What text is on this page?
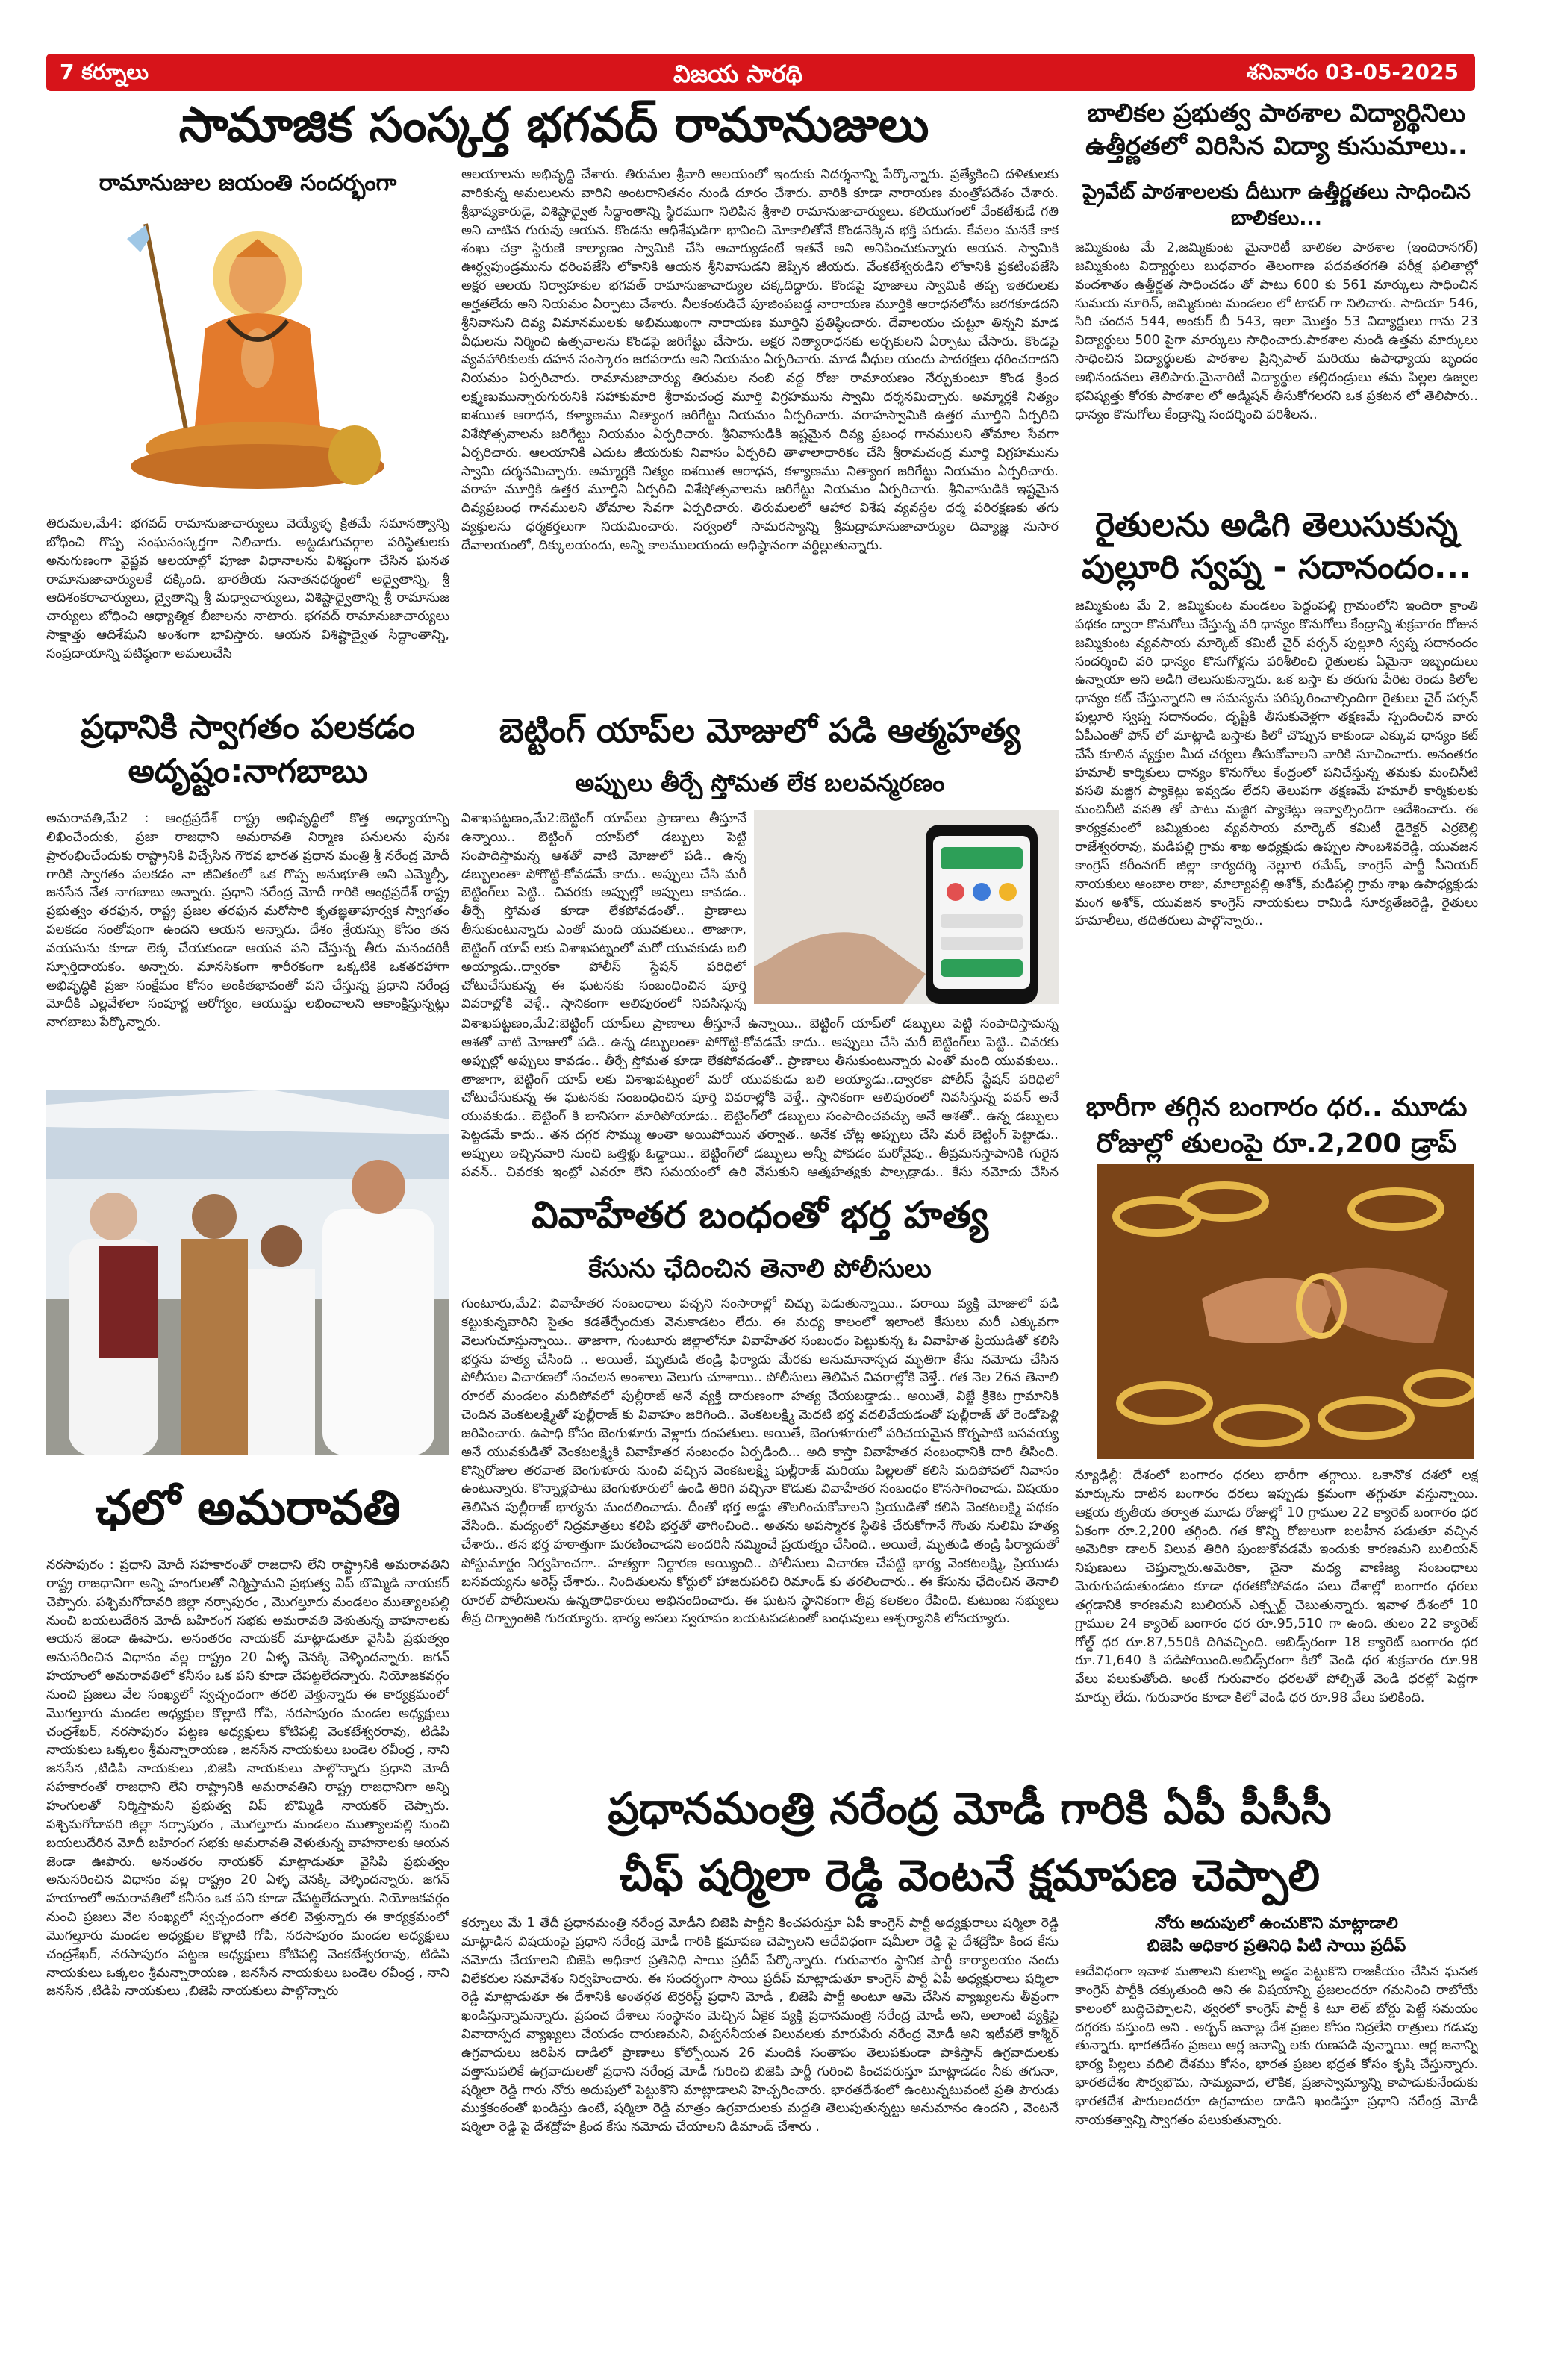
7 కర్నూలు	విజయ సారథి	శనివారం 03-05-2025
సామాజిక సంస్కర్త భగవద్ రామానుజులు
రామానుజుల జయంతి సందర్భంగా

తిరుమల,మే4: భగవద్ రామానుజాచార్యులు వెయ్యేళ్ళ క్రితమే సమానత్వాన్ని బోధించి గొప్ప సంఘసంస్కర్తగా నిలిచారు. అట్టడుగువర్గాల పరిస్థితులకు అనుగుణంగా వైష్ణవ ఆలయాల్లో పూజా విధానాలను విశిష్టంగా చేసిన ఘనత రామానుజాచార్యులకే దక్కింది. భారతీయ సనాతనధర్మంలో అద్వైతాన్ని, శ్రీ ఆదిశంకరాచార్యులు, ద్వైతాన్ని శ్రీ మధ్వాచార్యులు, విశిష్టాద్వైతాన్ని శ్రీ రామానుజ చార్యులు బోధించి ఆధ్యాత్మిక బీజాలను నాటారు. భగవద్ రామానుజాచార్యులు సాక్షాత్తు ఆదిశేషుని అంశంగా భావిస్తారు. ఆయన విశిష్టాద్వైత సిద్ధాంతాన్ని, సంప్రదాయాన్ని పటిష్ఠంగా అమలుచేసి

ఆలయాలను అభివృద్ధి చేశారు. తిరుమల శ్రీవారి ఆలయంలో ఇందుకు నిదర్శనాన్ని పేర్కొన్నారు. ప్రత్యేకించి దళితులకు వారికున్న అమలులను వారిని అంటరానితనం నుండి దూరం చేశారు. వారికి కూడా నారాయణ మంత్రోపదేశం చేశారు. శ్రీభాష్యకారుడై, విశిష్టాద్వైత సిద్ధాంతాన్ని స్థిరముగా నిలిపిన శ్రీశాలి రామానుజాచార్యులు. కలియుగంలో వేంకటేశుడే గతి అని చాటిన గురువు ఆయన. కొండను ఆధిశేషుడిగా భావించి మోకాలితోనే కొండనెక్కిన భక్తి పరుడు. కేవలం మనకే కాక శంఖు చక్రా స్థిరుణి కాల్యాణం స్వామికి చేసి ఆచార్యుడంటే ఇతనే అని అనిపించుకున్నారు ఆయన. స్వామికి ఊర్ధ్వపుండ్రమును ధరింపజేసి లోకానికి ఆయన శ్రీనివాసుడని జెప్పిన జీయరు. వేంకటేశ్వరుడిని లోకానికి ప్రకటింపజేసి అక్షర ఆలయ నిర్వాహకుల భగవత్ రామానుజాచార్యుల చక్కదిద్దారు. కొండపై పూజాలు స్వామికి తప్ప ఇతరులకు అర్హతలేదు అని నియమం ఏర్పాటు చేశారు. నీలకంఠుడిచే పూజింపబడ్డ నారాయణ మూర్తికి ఆరాధనలోను జరగకూడదని శ్రీనివాసుని దివ్య విమానములకు అభిముఖంగా నారాయణ మూర్తిని ప్రతిష్ఠించారు. దేవాలయం చుట్టూ తిన్నని మాడ వీధులను నిర్మించి ఉత్సవాలను కొండపై జరిగేట్టు చేసారు. అక్షర నిత్యారాధనకు అర్చకులని ఏర్పాటు చేసారు. కొండపై వ్యవహారికులకు దహన సంస్కారం జరపరాదు అని నియమం ఏర్పరిచారు. మాడ వీధుల యందు పాదరక్షలు ధరించరాదని నియమం ఏర్పరిచారు. రామానుజాచార్యు తిరుమల నంబి వద్ద రోజు రామాయణం నేర్చుకుంటూ కొండ క్రింద లక్ష్మణుమున్నారుగురునికి సహాకుమారి శ్రీరామచంద్ర మూర్తి విగ్రహమును స్వామి దర్శనమిచ్చారు. అమ్మార్లకి నిత్యం ఐశయిత ఆరాధన, కళ్యాణము నిత్యాంగ జరిగేట్టు నియమం ఏర్పరిచారు. వరాహస్వామికి ఉత్తర మూర్తిని ఏర్పరిచి విశేషోత్సవాలను జరిగేట్టు నియమం ఏర్పరిచారు. శ్రీనివాసుడికి ఇష్టమైన దివ్య ప్రబంధ గానములని తోమాల సేవగా ఏర్పరిచారు. ఆలయానికి ఎదుట జీయరుకు నివాసం ఏర్పరిచి తాళాలాధారికం చేసి శ్రీరామచంద్ర మూర్తి విగ్రహమును స్వామి దర్శనమిచ్చారు. అమ్మార్లకి నిత్యం ఐశయిత ఆరాధన, కళ్యాణము నిత్యాంగ జరిగేట్టు నియమం ఏర్పరిచారు. వరాహ మూర్తికి ఉత్తర మూర్తిని ఏర్పరిచి విశేషోత్సవాలను జరిగేట్టు నియమం ఏర్పరిచారు. శ్రీనివాసుడికి ఇష్టమైన దివ్యప్రబంధ గానములని తోమాల సేవగా ఏర్పరిచారు. తిరుమలలో ఆహార విశేష వ్యవస్థల ధర్మ పరిరక్షణకు తగు వ్యక్తులను ధర్మకర్తలుగా నియమించారు. సర్వంలో సామరస్యాన్ని శ్రీమద్రామానుజాచార్యుల దివ్యాజ్ఞ నుసార దేవాలయంలో, దిక్కులయందు, అన్ని కాలములయందు అధిష్ఠానంగా వర్ధిల్లుతున్నారు.

ప్రధానికి స్వాగతం పలకడం అదృష్టం:నాగబాబు

అమరావతి,మే2 : ఆంధ్రప్రదేశ్ రాష్ట్ర అభివృద్ధిలో కొత్త అధ్యాయాన్ని లిఖించేందుకు, ప్రజా రాజధాని అమరావతి నిర్మాణ పనులను పునః ప్రారంభించేందుకు రాష్ట్రానికి విచ్చేసిన గౌరవ భారత ప్రధాన మంత్రి శ్రీ నరేంద్ర మోదీ గారికి స్వాగతం పలకడం నా జీవితంలో ఒక గొప్ప అనుభూతి అని ఎమ్మెల్సీ, జనసేన నేత నాగబాబు అన్నారు. ప్రధాని నరేంద్ర మోదీ గారికి ఆంధ్రప్రదేశ్ రాష్ట్ర ప్రభుత్వం తరఫున, రాష్ట్ర ప్రజల తరఫున మరోసారి కృతజ్ఞతాపూర్వక స్వాగతం పలకడం సంతోషంగా ఉందని ఆయన అన్నారు. దేశం శ్రేయస్సు కోసం తన వయసును కూడా లెక్క చేయకుండా ఆయన పని చేస్తున్న తీరు మనందరికీ స్ఫూర్తిదాయకం. అన్నారు. మానసికంగా శారీరకంగా ఒక్కటికి ఒకతరహాగా అభివృద్ధికి ప్రజా సంక్షేమం కోసం అంకితభావంతో పని చేస్తున్న ప్రధాని నరేంద్ర మోదీకి ఎల్లవేళలా సంపూర్ణ ఆరోగ్యం, ఆయుష్షు లభించాలని ఆకాంక్షిస్తున్నట్లు నాగబాబు పేర్కొన్నారు.

ఛలో అమరావతి

నరసాపురం : ప్రధాని మోదీ సహకారంతో రాజధాని లేని రాష్ట్రానికి అమరావతిని రాష్ట్ర రాజధానిగా అన్ని హంగులతో నిర్మిస్తామని ప్రభుత్వ విప్ బొమ్మిడి నాయకర్ చెప్పారు. పశ్చిమగోదావరి జిల్లా నర్సాపురం , మొగల్తూరు మండలం ముత్యాలపల్లి నుంచి బయలుదేరిన మోదీ బహిరంగ సభకు అమరావతి వెళుతున్న వాహనాలకు ఆయన జెండా ఊపారు. అనంతరం నాయకర్ మాట్లాడుతూ వైసిపి ప్రభుత్వం అనుసరించిన విధానం వల్ల రాష్ట్రం 20 ఏళ్ళ వెనక్కి వెళ్ళిందన్నారు. జగన్ హయాంలో అమరావతిలో కనీసం ఒక పని కూడా చేపట్టలేదన్నారు. నియోజకవర్గం నుంచి ప్రజలు వేల సంఖ్యలో స్వచ్ఛందంగా తరలి వెళ్తున్నారు ఈ కార్యక్రమంలో మొగల్తూరు మండల అధ్యక్షుల కొల్లాటి గోపి, నరసాపురం మండల అధ్యక్షులు చంద్రశేఖర్, నరసాపురం పట్టణ అధ్యక్షులు కోటిపల్లి వెంకటేశ్వరరావు, టిడిపి నాయకులు ఒక్కలం శ్రీమన్నారాయణ , జనసేన నాయకులు బండెల రవీంద్ర , నాని జనసేన ,టిడిపి నాయకులు ,బిజెపి నాయకులు పాల్గొన్నారు ప్రధాని మోదీ సహకారంతో రాజధాని లేని రాష్ట్రానికి అమరావతిని రాష్ట్ర రాజధానిగా అన్ని హంగులతో నిర్మిస్తామని ప్రభుత్వ విప్ బొమ్మిడి నాయకర్ చెప్పారు. పశ్చిమగోదావరి జిల్లా నర్సాపురం , మొగల్తూరు మండలం ముత్యాలపల్లి నుంచి బయలుదేరిన మోదీ బహిరంగ సభకు అమరావతి వెళుతున్న వాహనాలకు ఆయన జెండా ఊపారు. అనంతరం నాయకర్ మాట్లాడుతూ వైసిపి ప్రభుత్వం అనుసరించిన విధానం వల్ల రాష్ట్రం 20 ఏళ్ళ వెనక్కి వెళ్ళిందన్నారు. జగన్ హయాంలో అమరావతిలో కనీసం ఒక పని కూడా చేపట్టలేదన్నారు. నియోజకవర్గం నుంచి ప్రజలు వేల సంఖ్యలో స్వచ్ఛందంగా తరలి వెళ్తున్నారు ఈ కార్యక్రమంలో మొగల్తూరు మండల అధ్యక్షుల కొల్లాటి గోపి, నరసాపురం మండల అధ్యక్షులు చంద్రశేఖర్, నరసాపురం పట్టణ అధ్యక్షులు కోటిపల్లి వెంకటేశ్వరరావు, టిడిపి నాయకులు ఒక్కలం శ్రీమన్నారాయణ , జనసేన నాయకులు బండెల రవీంద్ర , నాని జనసేన ,టిడిపి నాయకులు ,బిజెపి నాయకులు పాల్గొన్నారు

బెట్టింగ్ యాప్‌ల మోజులో పడి ఆత్మహత్య
అప్పులు తీర్చే స్తోమత లేక బలవన్మరణం

విశాఖపట్టణం,మే2:బెట్టింగ్ యాప్‌లు ప్రాణాలు తీస్తూనే ఉన్నాయి.. బెట్టింగ్ యాప్‌లో డబ్బులు పెట్టి సంపాదిస్తామన్న ఆశతో వాటి మోజులో పడి.. ఉన్న డబ్బులంతా పోగొట్టి-కోవడమే కాదు.. అప్పులు చేసి మరీ బెట్టింగ్‌లు పెట్టి.. చివరకు అప్పుల్లో అప్పులు కావడం.. తీర్చే స్తోమత కూడా లేకపోవడంతో.. ప్రాణాలు తీసుకుంటున్నారు ఎంతో మంది యువకులు.. తాజాగా, బెట్టింగ్ యాప్ లకు విశాఖపట్నంలో మరో యువకుడు బలి అయ్యాడు..ద్వారకా పోలీస్ స్టేషన్ పరిధిలో చోటుచేసుకున్న ఈ ఘటనకు సంబంధించిన పూర్తి వివరాల్లోకి వెళ్తే.. స్తానికంగా ఆలిపురంలో నివసిస్తున్న

విశాఖపట్టణం,మే2:బెట్టింగ్ యాప్‌లు ప్రాణాలు తీస్తూనే ఉన్నాయి.. బెట్టింగ్ యాప్‌లో డబ్బులు పెట్టి సంపాదిస్తామన్న ఆశతో వాటి మోజులో పడి.. ఉన్న డబ్బులంతా పోగొట్టి-కోవడమే కాదు.. అప్పులు చేసి మరీ బెట్టింగ్‌లు పెట్టి.. చివరకు అప్పుల్లో అప్పులు కావడం.. తీర్చే స్తోమత కూడా లేకపోవడంతో.. ప్రాణాలు తీసుకుంటున్నారు ఎంతో మంది యువకులు.. తాజాగా, బెట్టింగ్ యాప్ లకు విశాఖపట్నంలో మరో యువకుడు బలి అయ్యాడు..ద్వారకా పోలీస్ స్టేషన్ పరిధిలో చోటుచేసుకున్న ఈ ఘటనకు సంబంధించిన పూర్తి వివరాల్లోకి వెళ్తే.. స్తానికంగా ఆలిపురంలో నివసిస్తున్న పవన్ అనే యువకుడు.. బెట్టింగ్ కి బానిసగా మారిపోయాడు.. బెట్టింగ్‌లో డబ్బులు సంపాదించవచ్చు అనే ఆశతో.. ఉన్న డబ్బులు పెట్టడమే కాదు.. తన దగ్గర సొమ్ము అంతా అయిపోయిన తర్వాత.. అనేక చోట్ల అప్పులు చేసి మరీ బెట్టింగ్ పెట్టాడు.. అప్పులు ఇచ్చినవారి నుంచి ఒత్తిళ్లు ఓడ్డాయి.. బెట్టింగ్‌లో డబ్బులు అన్నీ పోవడం మరోవైపు.. తీవ్రమనస్తాపానికి గురైన పవన్.. చివరకు ఇంట్లో ఎవరూ లేని సమయంలో ఉరి వేసుకుని ఆత్మహత్యకు పాల్పడ్డాడు.. కేసు నమోదు చేసిన

వివాహేతర బంధంతో భర్త హత్య
కేసును ఛేదించిన తెనాలి పోలీసులు

గుంటూరు,మే2: వివాహేతర సంబంధాలు పచ్చని సంసారాల్లో చిచ్చు పెడుతున్నాయి.. పరాయి వ్యక్తి మోజులో పడి కట్టుకున్నవారిని సైతం కడతేర్చేందుకు వెనుకాడటం లేదు. ఈ మధ్య కాలంలో ఇలాంటి కేసులు మరీ ఎక్కువగా వెలుగుచూస్తున్నాయి.. తాజాగా, గుంటూరు జిల్లాలోనూ వివాహేతర సంబంధం పెట్టుకున్న ఓ వివాహిత ప్రియుడితో కలిసి భర్తను హత్య చేసింది .. అయితే, మృతుడి తండ్రి ఫిర్యాదు మేరకు అనుమానాస్పద మృతిగా కేసు నమోదు చేసిన పోలీసుల విచారణలో సంచలన అంశాలు వెలుగు చూశాయి.. పోలీసులు తెలిపిన వివరాల్లోకి వెళ్తే.. గత నెల 26న తెనాలి రూరల్ మండలం మదిపోవలో పుల్లీరాజ్ అనే వ్యక్తి దారుణంగా హత్య చేయబడ్డాడు.. అయితే, విజ్జే క్రికెట గ్రామానికి చెందిన వెంకటలక్ష్మితో పుల్లీరాజ్ కు వివాహం జరిగింది.. వెంకటలక్ష్మి మెదటి భర్త వదలివేయడంతో పుల్లీరాజ్ తో రెండోపెళ్లి జరిపించారు. ఉపాధి కోసం బెంగుళూరు వెళ్లారు దంపతులు. అయితే, బెంగుళూరులో పరిచయమైన కొర్నపాటి బసవయ్య అనే యువకుడితో వెంకటలక్ష్మికి వివాహేతర సంబంధం ఏర్పడింది... అది కాస్తా వివాహేతర సంబంధానికి దారి తీసింది. కొన్నిరోజుల తరవాత బెంగుళూరు నుంచి వచ్చిన వెంకటలక్ష్మి పుల్లీరాజ్ మరియు పిల్లలతో కలిసి మదిపోవలో నివాసం ఉంటున్నారు. కొన్నాళ్లపాటు బెంగుళూరులో ఉండి తిరిగి వచ్చినా కొడుకు వివాహేతర సంబంధం కొనసాగించాడు. విషయం తెలిసిన పుల్లీరాజ్ భార్యను మందలించాడు. దీంతో భర్త అడ్డు తొలగించుకోవాలని ప్రియుడితో కలిసి వెంకటలక్ష్మి పథకం వేసింది.. మద్యంలో నిద్రమాత్రలు కలిపి భర్తతో తాగించింది.. అతను అపస్మారక స్థితికి చేరుకోగానే గొంతు నులిమి హత్య చేశారు.. తన భర్త హఠాత్తుగా మరణించాడని అందరినీ నమ్మించే ప్రయత్నం చేసింది.. అయితే, మృతుడి తండ్రి ఫిర్యాదుతో పోస్టుమార్టం నిర్వహించగా.. హత్యగా నిర్ధారణ అయ్యింది.. పోలీసులు విచారణ చేపట్టి భార్య వెంకటలక్ష్మి, ప్రియుడు బసవయ్యను అరెస్ట్ చేశారు.. నిందితులను కోర్టులో హాజరుపరిచి రిమాండ్ కు తరలించారు.. ఈ కేసును ఛేదించిన తెనాలి రూరల్ పోలీసులను ఉన్నతాధికారులు అభినందించారు. ఈ ఘటన స్థానికంగా తీవ్ర కలకలం రేపింది. కుటుంబ సభ్యులు తీవ్ర దిగ్భ్రాంతికి గురయ్యారు. భార్య అసలు స్వరూపం బయటపడటంతో బంధువులు ఆశ్చర్యానికి లోనయ్యారు.

బాలికల ప్రభుత్వ పాఠశాల విద్యార్థినిలు ఉత్తీర్ణతలో విరిసిన విద్యా కుసుమాలు..
ప్రైవేట్ పాఠశాలలకు దీటుగా ఉత్తీర్ణతలు సాధించిన బాలికలు...

జమ్మికుంట మే 2,జమ్మికుంట మైనారిటీ బాలికల పాఠశాల (ఇందిరానగర్) జమ్మికుంట విద్యార్థులు బుధవారం తెలంగాణ పదవతరగతి పరీక్ష ఫలితాల్లో వందశాతం ఉత్తీర్ణత సాధించడం తో పాటు 600 కు 561 మార్కులు సాధించిన సుమయ నూరిన్, జమ్మికుంట మండలం లో టాపర్ గా నిలిచారు. సాదియా 546, సిరి చందన 544, అంకుర్ బీ 543, ఇలా మొత్తం 53 విద్యార్థులు గాను 23 విద్యార్థులు 500 పైగా మార్కులు సాధించారు.పాఠశాల నుండి ఉత్తమ మార్కులు సాధించిన విద్యార్థులకు పాఠశాల ప్రిన్సిపాల్ మరియు ఉపాధ్యాయ బృందం అభినందనలు తెలిపారు.మైనారిటీ విద్యార్థుల తల్లిదండ్రులు తమ పిల్లల ఉజ్వల భవిష్యత్తు కోరకు పాఠశాల లో అడ్మిషన్ తీసుకోగలరని ఒక ప్రకటన లో తెలిపారు.. ధాన్యం కొనుగోలు కేంద్రాన్ని సందర్శించి పరిశీలన..

రైతులను అడిగి తెలుసుకున్న పుల్లూరి స్వప్న - సదానందం...

జమ్మికుంట మే 2, జమ్మికుంట మండలం పెద్దంపల్లి గ్రామంలోని ఇందిరా క్రాంతి పథకం ద్వారా కొనుగోలు చేస్తున్న వరి ధాన్యం కొనుగోలు కేంద్రాన్ని శుక్రవారం రోజున జమ్మికుంట వ్యవసాయ మార్కెట్ కమిటీ చైర్ పర్సన్ పుల్లూరి స్వప్న సదానందం సందర్శించి వరి ధాన్యం కొనుగోళ్లను పరిశీలించి రైతులకు ఏమైనా ఇబ్బందులు ఉన్నాయా అని అడిగి తెలుసుకున్నారు. ఒక బస్తా కు తరుగు పేరిట రెండు కిలోల ధాన్యం కట్ చేస్తున్నారని ఆ సమస్యను పరిష్కరించాల్సిందిగా రైతులు చైర్ పర్సన్ పుల్లూరి స్వప్న సదానందం, దృష్టికి తీసుకువెళ్లగా తక్షణమే స్పందించిన వారు ఏపీఎంతో ఫోన్ లో మాట్లాడి బస్తాకు కిలో చొప్పున కాకుండా ఎక్కువ ధాన్యం కట్ చేసే కూలిన వ్యక్తుల మీద చర్యలు తీసుకోవాలని వారికి సూచించారు. అనంతరం హమాలీ కార్మికులు ధాన్యం కొనుగోలు కేంద్రంలో పనిచేస్తున్న తమకు మంచినీటి వసతి మజ్జిగ ప్యాకెట్లు ఇవ్వడం లేదని తెలుపగా తక్షణమే హమాలీ కార్మికులకు మంచినీటి వసతి తో పాటు మజ్జిగ ప్యాకెట్లు ఇవ్వాల్సిందిగా ఆదేశించారు. ఈ కార్యక్రమంలో జమ్మికుంట వ్యవసాయ మార్కెట్ కమిటీ డైరెక్టర్ ఎర్రబెల్లి రాజేశ్వరరావు, మడిపల్లి గ్రామ శాఖ అధ్యక్షుడు ఉప్పుల సాంబశివరెడ్డి, యువజన కాంగ్రెస్ కరీంనగర్ జిల్లా కార్యదర్శి నెల్లూరి రమేష్, కాంగ్రెస్ పార్టీ సీనియర్ నాయకులు ఆంబాల రాజు, మాల్యాపల్లి అశోక్, మడిపల్లి గ్రామ శాఖ ఉపాధ్యక్షుడు మంగ అశోక్, యువజన కాంగ్రెస్ నాయకులు రామిడి సూర్యతేజరెడ్డి, రైతులు హమాలీలు, తదితరులు పాల్గొన్నారు..

భారీగా తగ్గిన బంగారం ధర.. మూడు రోజుల్లో తులంపై రూ.2,200 డ్రాప్

న్యూఢిల్లీ: దేశంలో బంగారం ధరలు భారీగా తగ్గాయి. ఒకానొక దశలో లక్ష మార్కును దాటిన బంగారం ధరలు ఇప్పుడు క్రమంగా తగ్గుతూ వస్తున్నాయి. ఆక్షయ తృతీయ తర్వాత మూడు రోజుల్లో 10 గ్రాముల 22 క్యారెట్ బంగారం ధర ఏకంగా రూ.2,200 తగ్గింది. గత కొన్ని రోజులుగా బలహీన పడుతూ వచ్చిన అమెరికా డాలర్ విలువ తిరిగి పుంజుకోవడమే ఇందుకు కారణమని బులియన్ నిపుణులు చెప్తున్నారు.అమెరికా, చైనా మధ్య వాణిజ్య సంబంధాలు మెరుగుపడుతుండటం కూడా ధరతకోపోవడం పలు దేశాల్లో బంగారం ధరలు తగ్గడానికి కారణమని బులియన్ ఎక్స్పర్ట్ చెబుతున్నారు. ఇవాళ దేశంలో 10 గ్రాముల 24 క్యారెట్ బంగారం ధర రూ.95,510 గా ఉంది. తులం 22 క్యారెట్ గోల్డ్ ధర రూ.87,550కి దిగివచ్చింది. అబిడ్స్‌రంగా 18 క్యారెట్ బంగారం ధర రూ.71,640 కి పడిపోయింది.అబిడ్స్‌రంగా కిలో వెండి ధర శుక్రవారం రూ.98 వేలు పలుకుతోంది. అంటే గురువారం ధరలతో పోల్చితే వెండి ధరల్లో పెద్దగా మార్పు లేదు. గురువారం కూడా కిలో వెండి ధర రూ.98 వేలు పలికింది.

ప్రధానమంత్రి నరేంద్ర మోడీ గారికి ఏపీ పీసీసీ
చీఫ్ షర్మిలా రెడ్డి వెంటనే క్షమాపణ చెప్పాలి
నోరు అదుపులో ఉంచుకొని మాట్లాడాలి
బిజెపి అధికార ప్రతినిధి పిటి సాయి ప్రదీప్

కర్నూలు మే 1 తేదీ ప్రధానమంత్రి నరేంద్ర మోడీని బిజెపి పార్టీని కించపరుస్తూ ఏపీ కాంగ్రెస్ పార్టీ అధ్యక్షురాలు షర్మిలా రెడ్డి మాట్లాడిన విషయంపై ప్రధాని నరేంద్ర మోడీ గారికి క్షమాపణ చెప్పాలని ఆదేవిధంగా షమీలా రెడ్డి పై దేశద్రోహి కింద కేసు నమోదు చేయాలని బిజెపి అధికార ప్రతినిధి సాయి ప్రదీప్ పేర్కొన్నారు. గురువారం స్థానిక పార్టీ కార్యాలయం నందు విలేకరుల సమావేశం నిర్వహించారు. ఈ సందర్భంగా సాయి ప్రదీప్ మాట్లాడుతూ కాంగ్రెస్ పార్టీ ఏపీ అధ్యక్షురాలు షర్మిలా రెడ్డి మాట్లాడుతూ ఈ దేశానికి అంతర్గత టెర్రరిస్ట్ ప్రధాని మోడీ , బిజెపి పార్టీ అంటూ ఆమె చేసిన వ్యాఖ్యలను తీవ్రంగా ఖండిస్తున్నామన్నారు. ప్రపంచ దేశాలు సంస్థానం మెచ్చిన ఏకైక వ్యక్తి ప్రధానమంత్రి నరేంద్ర మోడీ అని, అలాంటి వ్యక్తిపై వివాదాస్పద వ్యాఖ్యలు చేయడం దారుణమని, విశ్వసనీయత విలువలకు మారుపేరు నరేంద్ర మోడీ అని ఇటీవలే కాశ్మీర్ ఉగ్రవాదులు జరిపిన దాడిలో ప్రాణాలు కోల్పోయిన 26 మందికి సంతాపం తెలుపకుండా పాకిస్తాన్ ఉగ్రవాదులకు వత్తాసుపలికే ఉగ్రవాదులతో ప్రధాని నరేంద్ర మోడీ గురించి బిజెపి పార్టీ గురించి కించపరుస్తూ మాట్లాడడం నీకు తగునా, షర్మిలా రెడ్డి గారు నోరు అదుపులో పెట్టుకొని మాట్లాడాలని హెచ్చరించారు. భారతదేశంలో ఉంటున్నటువంటి ప్రతి పౌరుడు ముక్తకంఠంతో ఖండిస్తు ఉంటే, షర్మిలా రెడ్డి మాత్రం ఉగ్రవాదులకు మద్దతి తెలుపుతున్నట్టు అనుమానం ఉందని , వెంటనే షర్మిలా రెడ్డి పై దేశద్రోహ క్రింద కేసు నమోదు చేయాలని డిమాండ్ చేశారు .

ఆదేవిధంగా ఇవాళ మతాలని కులాన్ని అడ్డం పెట్టుకొని రాజకీయం చేసిన ఘనత కాంగ్రెస్ పార్టీకి దక్కుతుంది అని ఈ విషయాన్ని ప్రజలందరూ గమనించి రాబోయే కాలంలో బుద్ధిచెప్పాలని, త్వరలో కాంగ్రెస్ పార్టీ కి టూ లెట్ బోర్డు పెట్టే సమయం దగ్గరకు వస్తుంది అని . అర్బన్ జనాబ్ల దేశ ప్రజల కోసం నిద్రలేని రాత్రులు గడుపు తున్నారు. భారతదేశం ప్రజలు ఆర్ల జనాన్ని లకు రుణపడి వున్నాయి. ఆర్ల జనాన్ని భార్య పిల్లలు వదిలి దేశము కోసం, భారత ప్రజల భద్రత కోసం కృషి చేస్తున్నారు. భారతదేశం సౌర్వభౌమ, సామ్యవాద, లౌకిక, ప్రజాస్వామ్యాన్ని కాపాడుకునేందుకు భారతదేశ పౌరులందరూ ఉగ్రవాదుల దాడిని ఖండిస్తూ ప్రధాని నరేంద్ర మోడీ నాయకత్వాన్ని స్వాగతం పలుకుతున్నారు.
